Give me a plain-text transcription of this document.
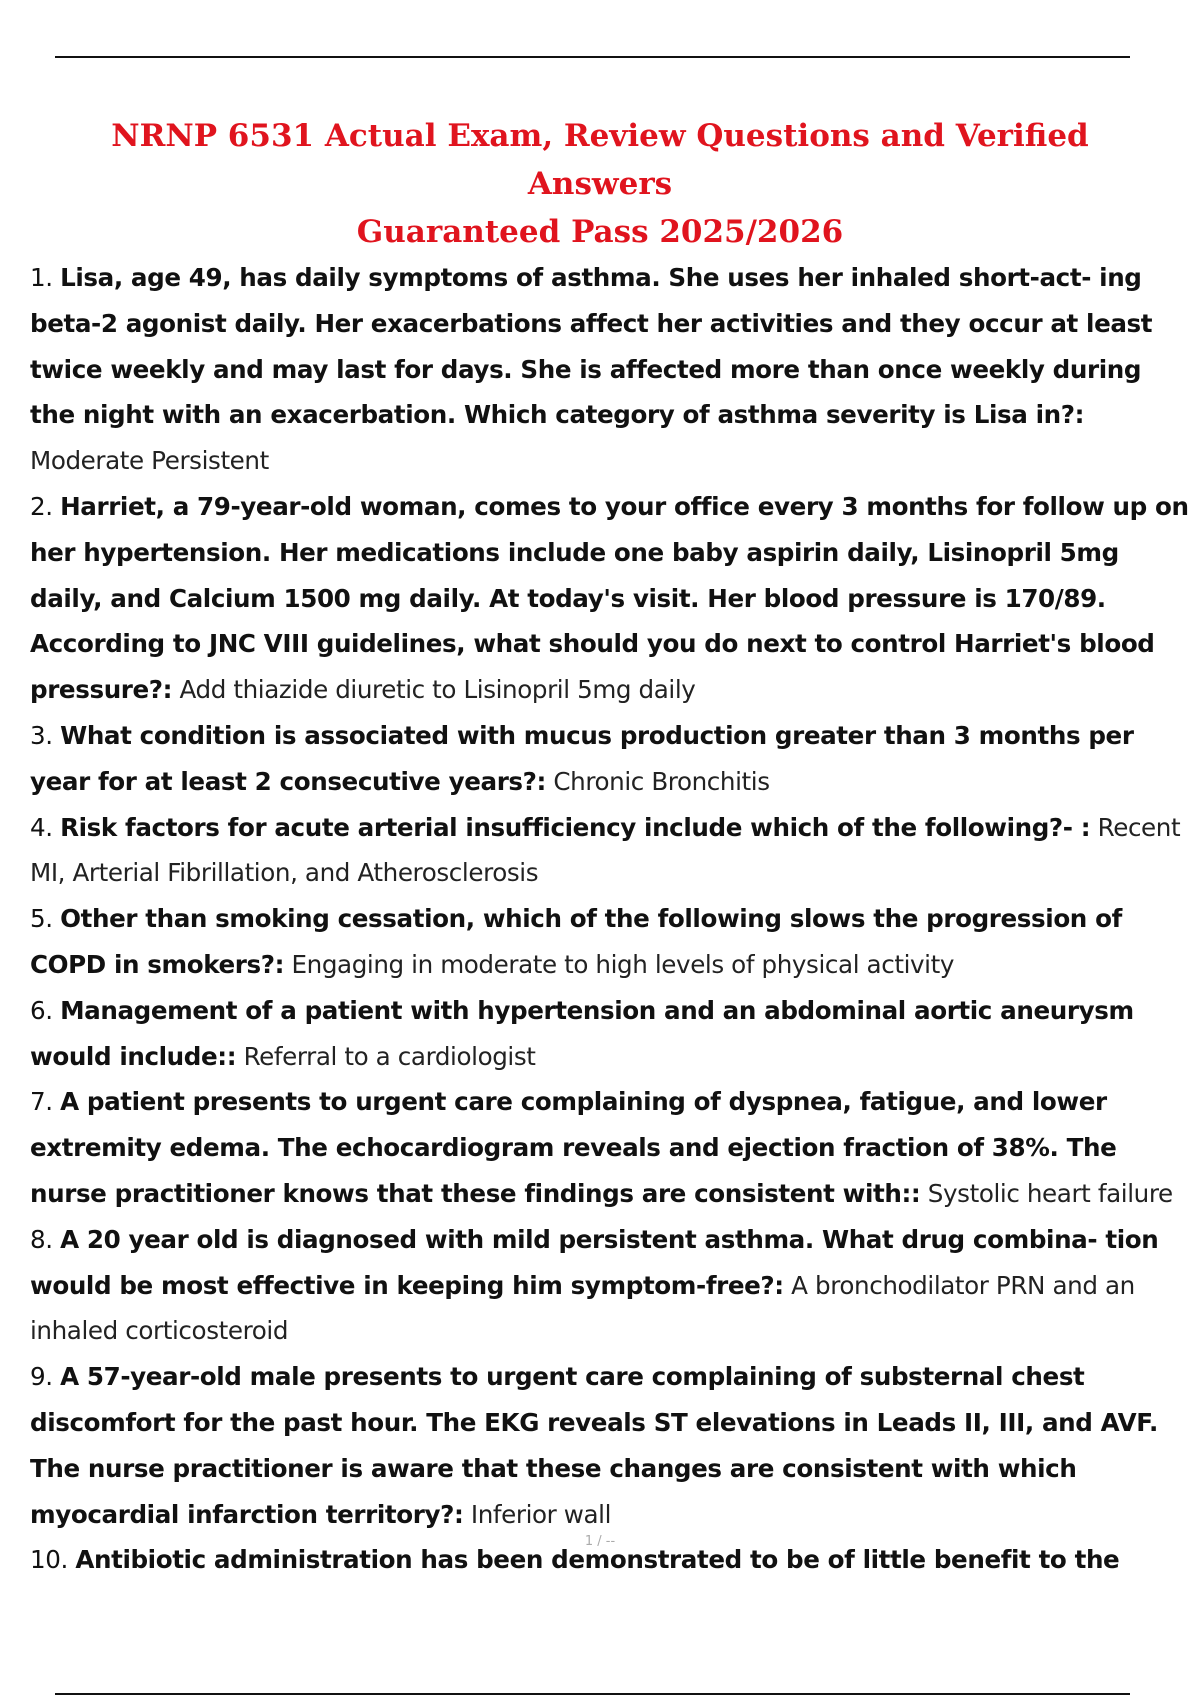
NRNP 6531 Actual Exam, Review Questions and Verified Answers
Guaranteed Pass 2025/2026
1. Lisa, age 49, has daily symptoms of asthma. She uses her inhaled short-act- ing beta-2 agonist daily. Her exacerbations affect her activities and they occur at least twice weekly and may last for days. She is affected more than once weekly during the night with an exacerbation. Which category of asthma severity is Lisa in?: Moderate Persistent
2. Harriet, a 79-year-old woman, comes to your office every 3 months for follow up on her hypertension. Her medications include one baby aspirin daily, Lisinopril 5mg daily, and Calcium 1500 mg daily. At today's visit. Her blood pressure is 170/89. According to JNC VIII guidelines, what should you do next to control Harriet's blood pressure?: Add thiazide diuretic to Lisinopril 5mg daily
3. What condition is associated with mucus production greater than 3 months per year for at least 2 consecutive years?: Chronic Bronchitis
4. Risk factors for acute arterial insufficiency include which of the following?- : Recent MI, Arterial Fibrillation, and Atherosclerosis
5. Other than smoking cessation, which of the following slows the progression of COPD in smokers?: Engaging in moderate to high levels of physical activity
6. Management of a patient with hypertension and an abdominal aortic aneurysm would include:: Referral to a cardiologist
7. A patient presents to urgent care complaining of dyspnea, fatigue, and lower extremity edema. The echocardiogram reveals and ejection fraction of 38%. The nurse practitioner knows that these findings are consistent with:: Systolic heart failure
8. A 20 year old is diagnosed with mild persistent asthma. What drug combina- tion would be most effective in keeping him symptom-free?: A bronchodilator PRN and an inhaled corticosteroid
9. A 57-year-old male presents to urgent care complaining of substernal chest discomfort for the past hour. The EKG reveals ST elevations in Leads II, III, and AVF. The nurse practitioner is aware that these changes are consistent with which myocardial infarction territory?: Inferior wall
10. Antibiotic administration has been demonstrated to be of little benefit to the
1 / --
